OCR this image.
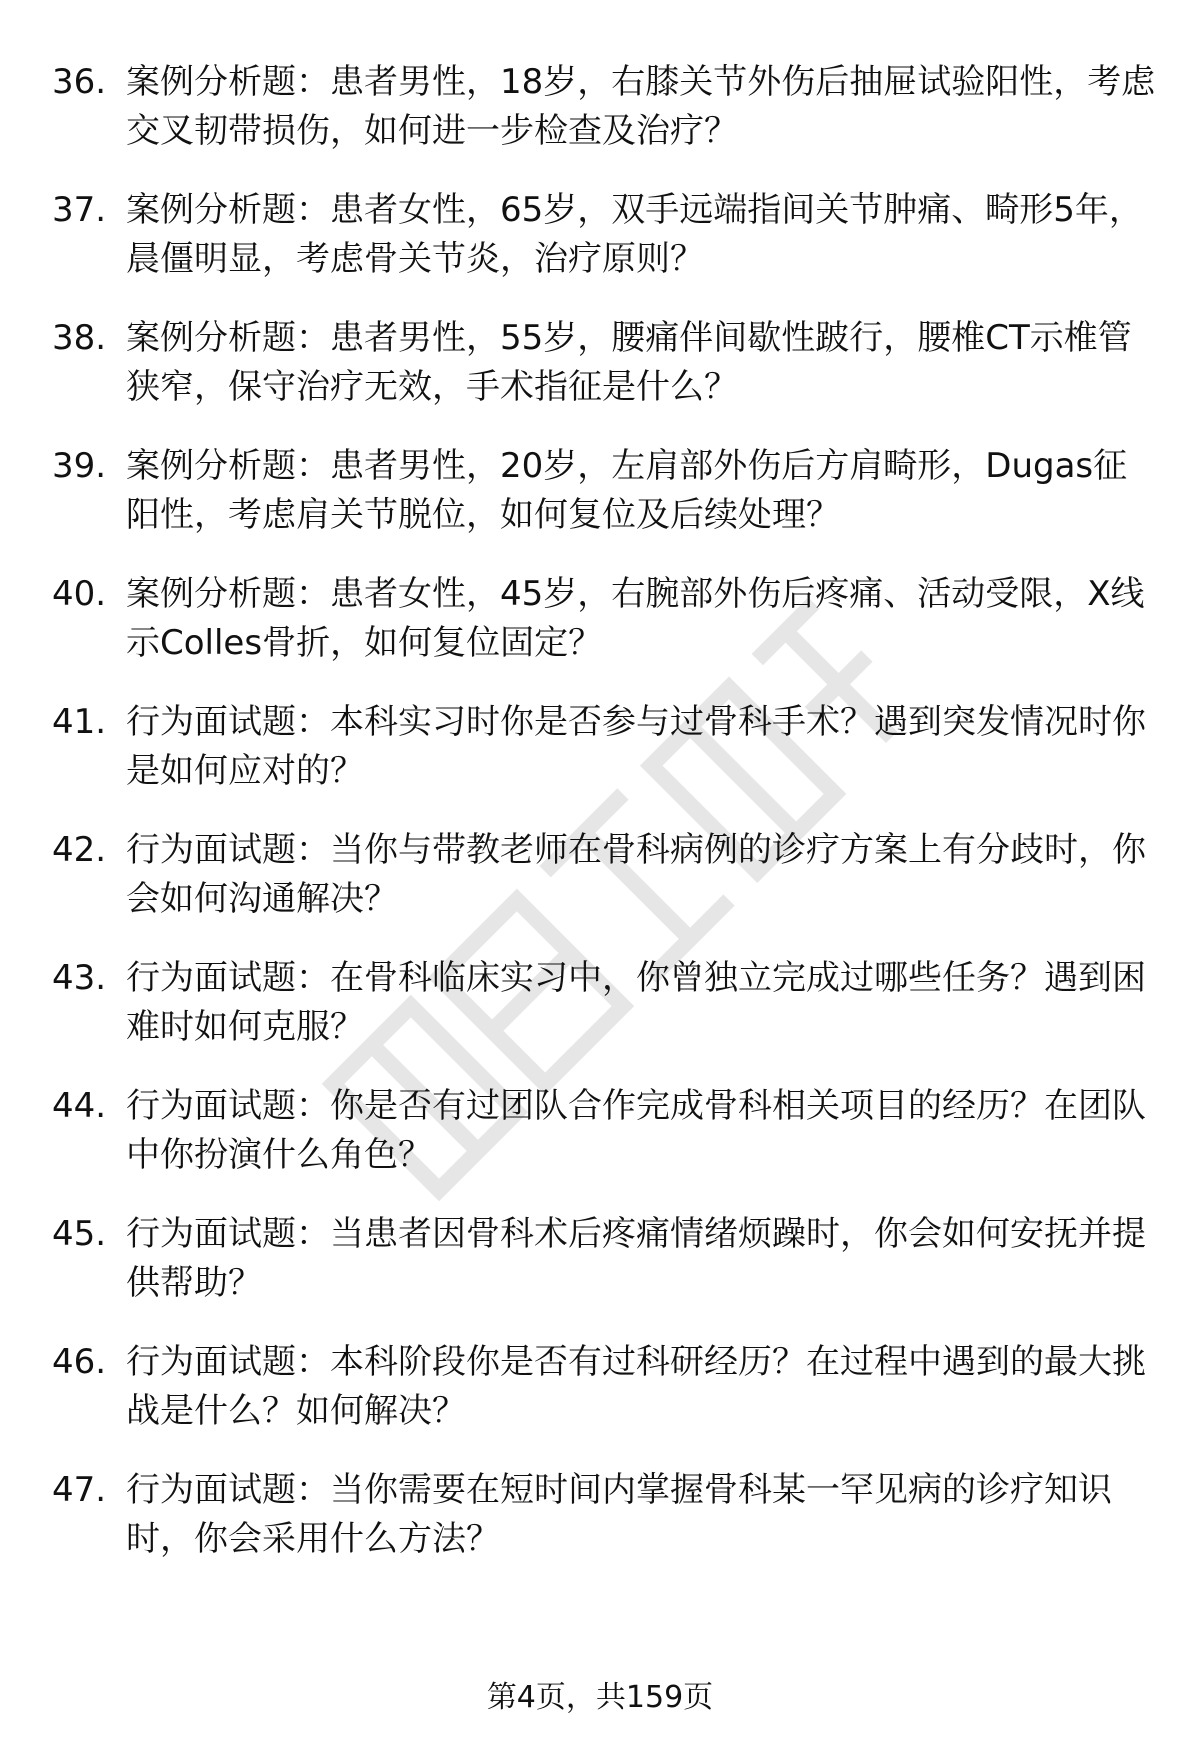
36. 案例分析题：患者男性，18岁，右膝关节外伤后抽屉试验阳性，考虑交叉韧带损伤，如何进一步检查及治疗？
37. 案例分析题：患者女性，65岁，双手远端指间关节肿痛、畸形5年，晨僵明显，考虑骨关节炎，治疗原则？
38. 案例分析题：患者男性，55岁，腰痛伴间歇性跛行，腰椎CT示椎管狭窄，保守治疗无效，手术指征是什么？
39. 案例分析题：患者男性，20岁，左肩部外伤后方肩畸形，Dugas征阳性，考虑肩关节脱位，如何复位及后续处理？
40. 案例分析题：患者女性，45岁，右腕部外伤后疼痛、活动受限，X线示Colles骨折，如何复位固定？
41. 行为面试题：本科实习时你是否参与过骨科手术？遇到突发情况时你是如何应对的？
42. 行为面试题：当你与带教老师在骨科病例的诊疗方案上有分歧时，你会如何沟通解决？
43. 行为面试题：在骨科临床实习中，你曾独立完成过哪些任务？遇到困难时如何克服？
44. 行为面试题：你是否有过团队合作完成骨科相关项目的经历？在团队中你扮演什么角色？
45. 行为面试题：当患者因骨科术后疼痛情绪烦躁时，你会如何安抚并提供帮助？
46. 行为面试题：本科阶段你是否有过科研经历？在过程中遇到的最大挑战是什么？如何解决？
47. 行为面试题：当你需要在短时间内掌握骨科某一罕见病的诊疗知识时，你会采用什么方法？
第4页，共159页
